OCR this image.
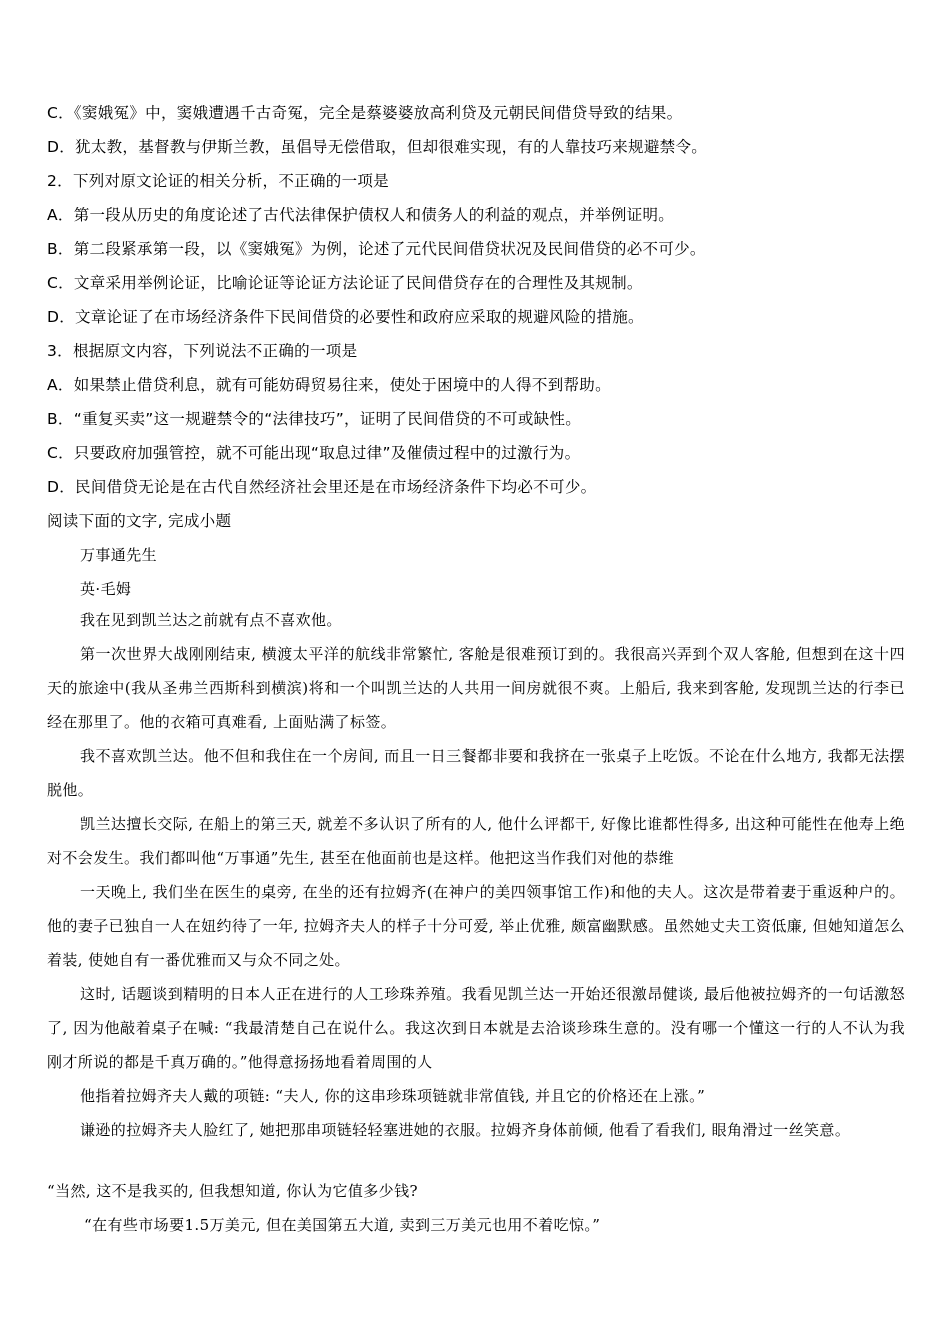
C．《窦娥冤》中，窦娥遭遇千古奇冤，完全是蔡婆婆放高利贷及元朝民间借贷导致的结果。
D．犹太教，基督教与伊斯兰教，虽倡导无偿借取，但却很难实现，有的人靠技巧来规避禁令。
2．下列对原文论证的相关分析，不正确的一项是
A．第一段从历史的角度论述了古代法律保护债权人和债务人的利益的观点，并举例证明。
B．第二段紧承第一段，以《窦娥冤》为例，论述了元代民间借贷状况及民间借贷的必不可少。
C．文章采用举例论证，比喻论证等论证方法论证了民间借贷存在的合理性及其规制。
D．文章论证了在市场经济条件下民间借贷的必要性和政府应采取的规避风险的措施。
3．根据原文内容，下列说法不正确的一项是
A．如果禁止借贷利息，就有可能妨碍贸易往来，使处于困境中的人得不到帮助。
B．“重复买卖”这一规避禁令的“法律技巧”，证明了民间借贷的不可或缺性。
C．只要政府加强管控，就不可能出现“取息过律”及催债过程中的过激行为。
D．民间借贷无论是在古代自然经济社会里还是在市场经济条件下均必不可少。
阅读下面的文字, 完成小题
万事通先生
英·毛姆

我在见到凯兰达之前就有点不喜欢他。

第一次世界大战刚刚结束, 横渡太平洋的航线非常繁忙, 客舱是很难预订到的。我很高兴弄到个双人客舱, 但想到在这十四天的旅途中(我从圣弗兰西斯科到横滨)将和一个叫凯兰达的人共用一间房就很不爽。上船后, 我来到客舱, 发现凯兰达的行李已经在那里了。他的衣箱可真难看, 上面贴满了标签。

我不喜欢凯兰达。他不但和我住在一个房间, 而且一日三餐都非要和我挤在一张桌子上吃饭。不论在什么地方, 我都无法摆脱他。

凯兰达擅长交际, 在船上的第三天, 就差不多认识了所有的人, 他什么评都干, 好像比谁都性得多, 出这种可能性在他寿上绝对不会发生。我们都叫他“万事通”先生, 甚至在他面前也是这样。他把这当作我们对他的恭维

一天晚上, 我们坐在医生的桌旁, 在坐的还有拉姆齐(在神户的美四领事馆工作)和他的夫人。这次是带着妻于重返种户的。他的妻子已独自一人在妞约待了一年, 拉姆齐夫人的样子十分可爱, 举止优雅, 颇富幽默感。虽然她丈夫工资低廉, 但她知道怎么着装, 使她自有一番优雅而又与众不同之处。

这时, 话题谈到精明的日本人正在进行的人工珍珠养殖。我看见凯兰达一开始还很激昂健谈, 最后他被拉姆齐的一句话激怒了, 因为他敲着桌子在喊: “我最清楚自己在说什么。我这次到日本就是去洽谈珍珠生意的。没有哪一个懂这一行的人不认为我刚才所说的都是千真万确的。”他得意扬扬地看着周围的人

他指着拉姆齐夫人戴的项链: “夫人, 你的这串珍珠项链就非常值钱, 并且它的价格还在上涨。”

谦逊的拉姆齐夫人脸红了, 她把那串项链轻轻塞进她的衣服。拉姆齐身体前倾, 他看了看我们, 眼角滑过一丝笑意。

“当然, 这不是我买的, 但我想知道, 你认为它值多少钱?
“在有些市场要1.5万美元, 但在美国第五大道, 卖到三万美元也用不着吃惊。”
